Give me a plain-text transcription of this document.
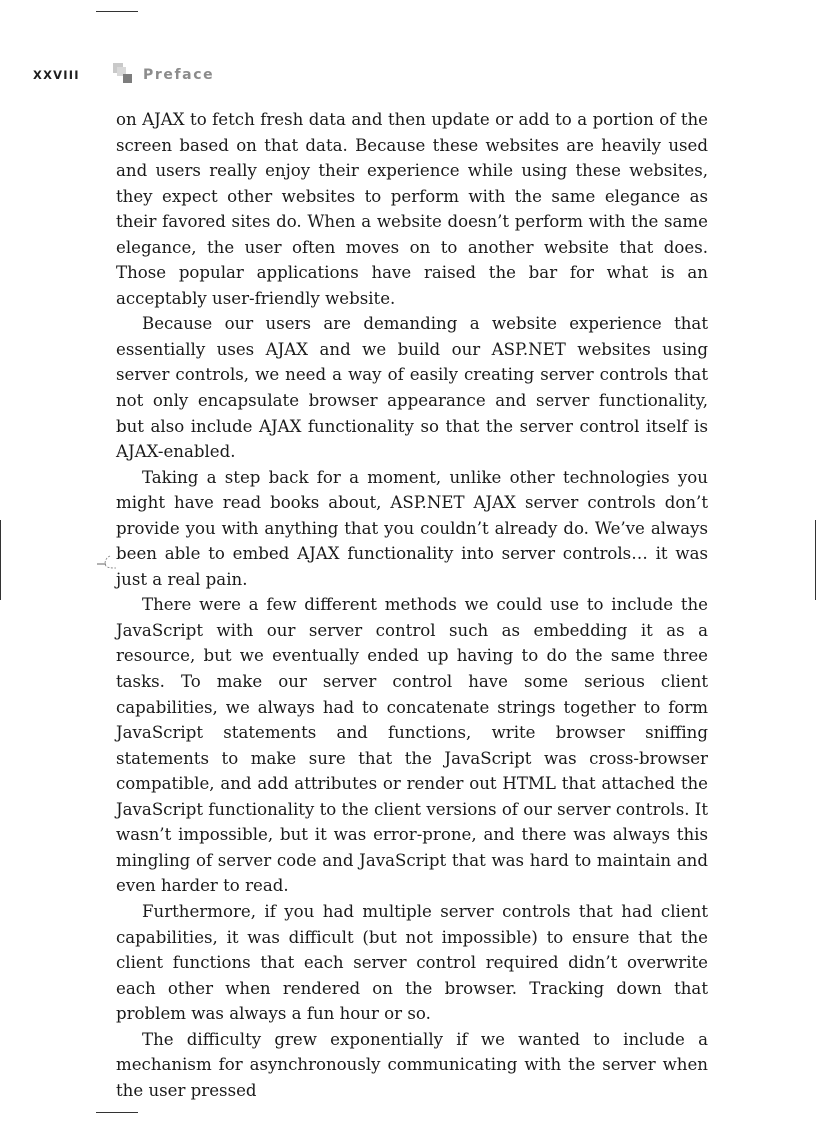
XXVIII	Preface

on AJAX to fetch fresh data and then update or add to a portion of the screen based on that data. Because these websites are heavily used and users really enjoy their experience while using these websites, they expect other websites to perform with the same elegance as their favored sites do. When a website doesn’t perform with the same elegance, the user often moves on to another website that does. Those popular applications have raised the bar for what is an acceptably user-friendly website.

Because our users are demanding a website experience that essentially uses AJAX and we build our ASP.NET websites using server controls, we need a way of easily creating server controls that not only encapsulate browser appearance and server functionality, but also include AJAX functionality so that the server control itself is AJAX-enabled.

Taking a step back for a moment, unlike other technologies you might have read books about, ASP.NET AJAX server controls don’t provide you with anything that you couldn’t already do. We’ve always been able to embed AJAX functionality into server controls… it was just a real pain.

There were a few different methods we could use to include the JavaScript with our server control such as embedding it as a resource, but we eventually ended up having to do the same three tasks. To make our server control have some serious client capabilities, we always had to concatenate strings together to form JavaScript statements and functions, write browser sniffing statements to make sure that the JavaScript was cross-browser compatible, and add attributes or render out HTML that attached the JavaScript functionality to the client versions of our server controls. It wasn’t impossible, but it was error-prone, and there was always this mingling of server code and JavaScript that was hard to maintain and even harder to read.

Furthermore, if you had multiple server controls that had client capabilities, it was difficult (but not impossible) to ensure that the client functions that each server control required didn’t overwrite each other when rendered on the browser. Tracking down that problem was always a fun hour or so.

The difficulty grew exponentially if we wanted to include a mechanism for asynchronously communicating with the server when the user pressed
